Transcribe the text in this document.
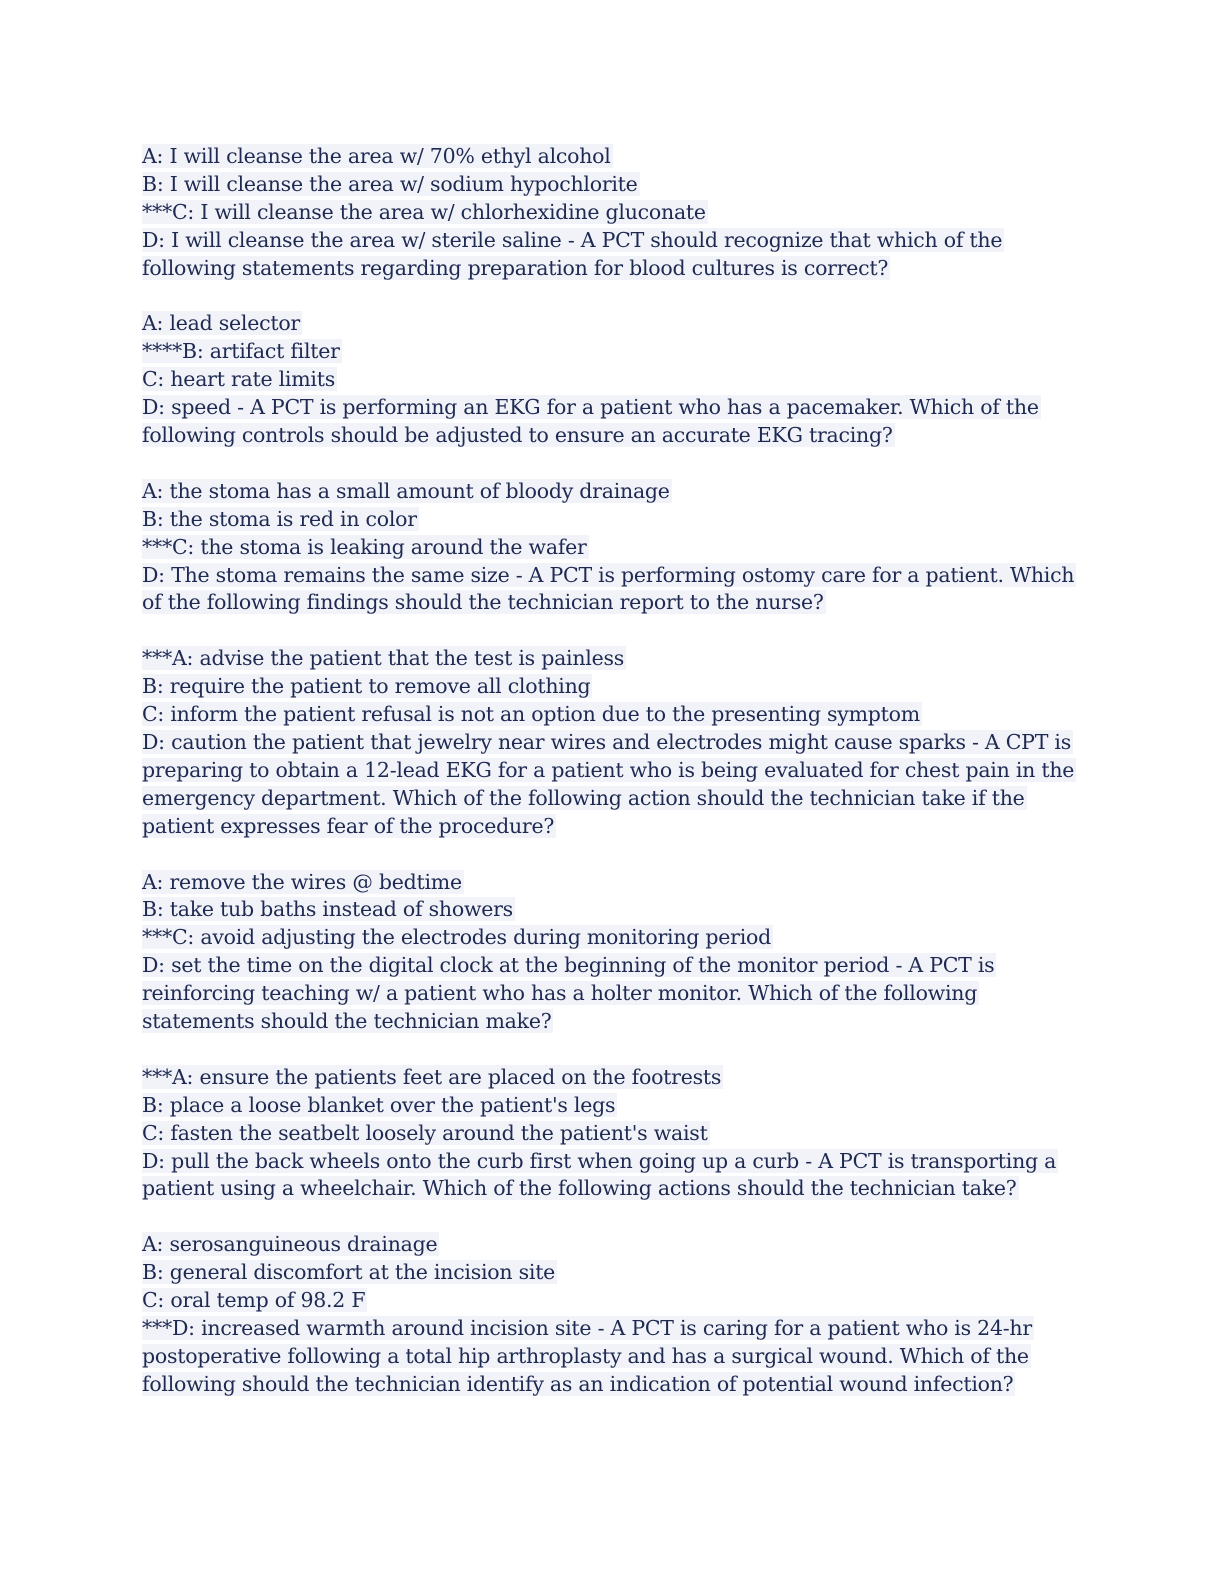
A: I will cleanse the area w/ 70% ethyl alcohol
B: I will cleanse the area w/ sodium hypochlorite
***C: I will cleanse the area w/ chlorhexidine gluconate
D: I will cleanse the area w/ sterile saline - A PCT should recognize that which of the
following statements regarding preparation for blood cultures is correct?
A: lead selector
****B: artifact filter
C: heart rate limits
D: speed - A PCT is performing an EKG for a patient who has a pacemaker. Which of the
following controls should be adjusted to ensure an accurate EKG tracing?
A: the stoma has a small amount of bloody drainage
B: the stoma is red in color
***C: the stoma is leaking around the wafer
D: The stoma remains the same size - A PCT is performing ostomy care for a patient. Which
of the following findings should the technician report to the nurse?
***A: advise the patient that the test is painless
B: require the patient to remove all clothing
C: inform the patient refusal is not an option due to the presenting symptom
D: caution the patient that jewelry near wires and electrodes might cause sparks - A CPT is
preparing to obtain a 12-lead EKG for a patient who is being evaluated for chest pain in the
emergency department. Which of the following action should the technician take if the
patient expresses fear of the procedure?
A: remove the wires @ bedtime
B: take tub baths instead of showers
***C: avoid adjusting the electrodes during monitoring period
D: set the time on the digital clock at the beginning of the monitor period - A PCT is
reinforcing teaching w/ a patient who has a holter monitor. Which of the following
statements should the technician make?
***A: ensure the patients feet are placed on the footrests
B: place a loose blanket over the patient's legs
C: fasten the seatbelt loosely around the patient's waist
D: pull the back wheels onto the curb first when going up a curb - A PCT is transporting a
patient using a wheelchair. Which of the following actions should the technician take?
A: serosanguineous drainage
B: general discomfort at the incision site
C: oral temp of 98.2 F
***D: increased warmth around incision site - A PCT is caring for a patient who is 24-hr
postoperative following a total hip arthroplasty and has a surgical wound. Which of the
following should the technician identify as an indication of potential wound infection?
